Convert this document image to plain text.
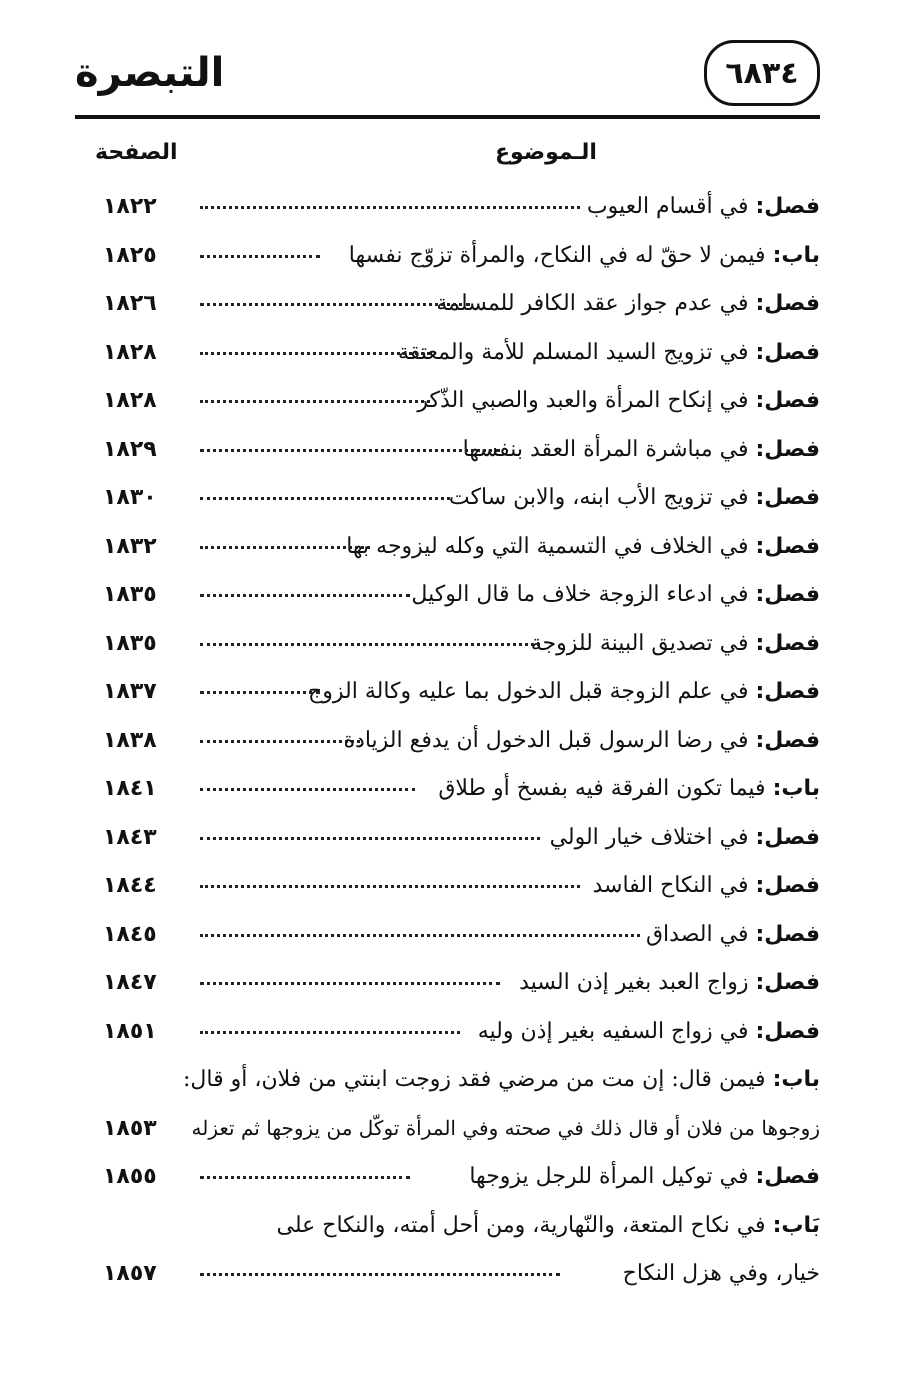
التبصرة	٦٨٣٤
الصفحة	الـموضوع
فصل: في أقسام العيوب
١٨٢٢
باب: فيمن لا حقّ له في النكاح، والمرأة تزوّج نفسها
١٨٢٥
فصل: في عدم جواز عقد الكافر للمسلمة
١٨٢٦
فصل: في تزويج السيد المسلم للأمة والمعتقة
١٨٢٨
فصل: في إنكاح المرأة والعبد والصبي الذّكر
١٨٢٨
فصل: في مباشرة المرأة العقد بنفسها
١٨٢٩
فصل: في تزويج الأب ابنه، والابن ساكت
١٨٣٠
فصل: في الخلاف في التسمية التي وكله ليزوجه بها
١٨٣٢
فصل: في ادعاء الزوجة خلاف ما قال الوكيل
١٨٣٥
فصل: في تصديق البينة للزوجة
١٨٣٥
فصل: في علم الزوجة قبل الدخول بما عليه وكالة الزوج
١٨٣٧
فصل: في رضا الرسول قبل الدخول أن يدفع الزيادة
١٨٣٨
باب: فيما تكون الفرقة فيه بفسخ أو طلاق
١٨٤١
فصل: في اختلاف خيار الولي
١٨٤٣
فصل: في النكاح الفاسد
١٨٤٤
فصل: في الصداق
١٨٤٥
فصل: زواج العبد بغير إذن السيد
١٨٤٧
فصل: في زواج السفيه بغير إذن وليه
١٨٥١
باب: فيمن قال: إن مت من مرضي فقد زوجت ابنتي من فلان، أو قال:
زوجوها من فلان أو قال ذلك في صحته وفي المرأة توكّل من يزوجها ثم تعزله
١٨٥٣
فصل: في توكيل المرأة للرجل يزوجها
١٨٥٥
بَاب: في نكاح المتعة، والنّهارية، ومن أحل أمته، والنكاح على
خيار، وفي هزل النكاح
١٨٥٧
